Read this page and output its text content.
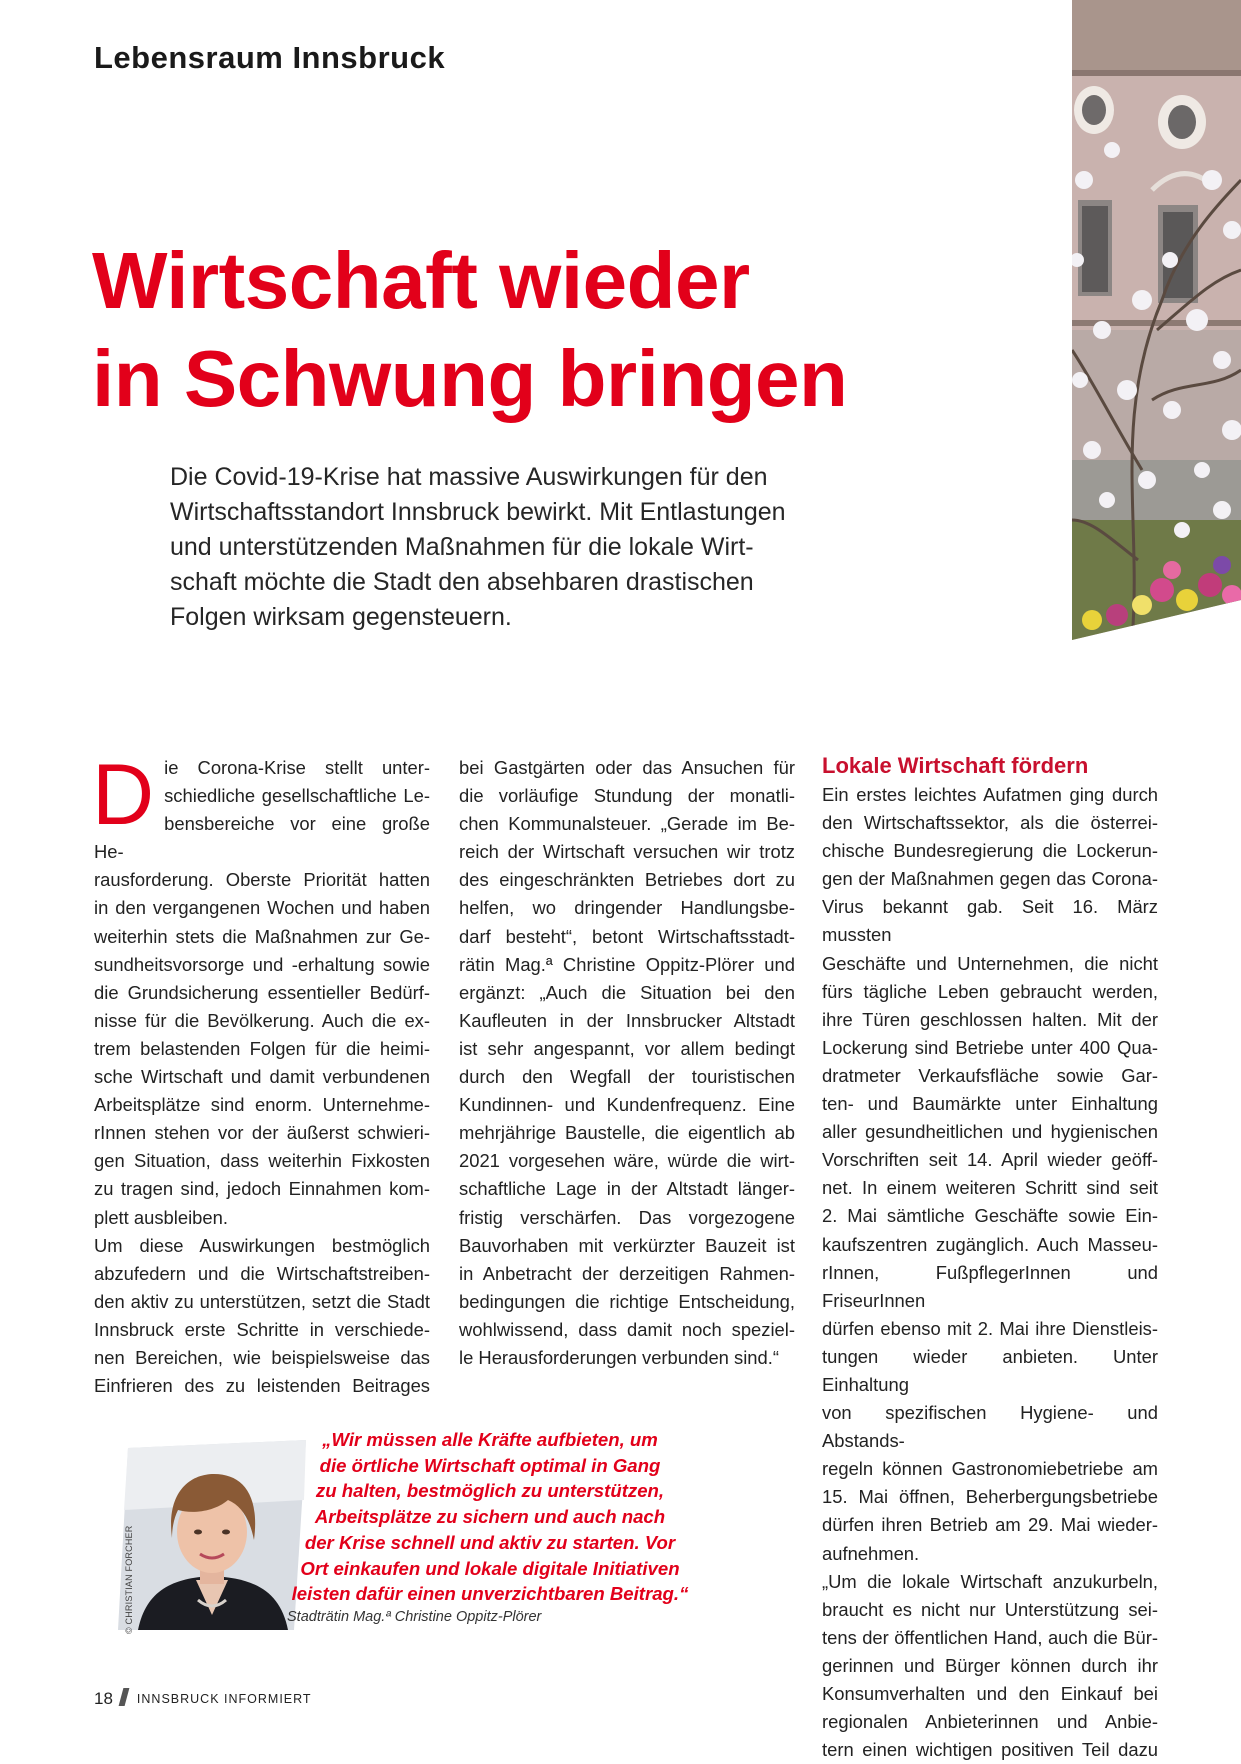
Lebensraum Innsbruck
Wirtschaft wieder
in Schwung bringen
Die Covid-19-Krise hat massive Auswirkungen für den
Wirtschaftsstandort Innsbruck bewirkt. Mit Entlastungen
und unterstützenden Maßnahmen für die lokale Wirt-
schaft möchte die Stadt den absehbaren drastischen
Folgen wirksam gegensteuern.
D ie Corona-Krise stellt unter-
schiedliche gesellschaftliche Le-
bensbereiche vor eine große He-
rausforderung. Oberste Priorität hatten
in den vergangenen Wochen und haben
weiterhin stets die Maßnahmen zur Ge-
sundheitsvorsorge und -erhaltung sowie
die Grundsicherung essentieller Bedürf-
nisse für die Bevölkerung. Auch die ex-
trem belastenden Folgen für die heimi-
sche Wirtschaft und damit verbundenen
Arbeitsplätze sind enorm. Unternehme-
rInnen stehen vor der äußerst schwieri-
gen Situation, dass weiterhin Fixkosten
zu tragen sind, jedoch Einnahmen kom-
plett ausbleiben.
Um diese Auswirkungen bestmöglich
abzufedern und die Wirtschaftstreiben-
den aktiv zu unterstützen, setzt die Stadt
Innsbruck erste Schritte in verschiede-
nen Bereichen, wie beispielsweise das
Einfrieren des zu leistenden Beitrages
bei Gastgärten oder das Ansuchen für
die vorläufige Stundung der monatli-
chen Kommunalsteuer. „Gerade im Be-
reich der Wirtschaft versuchen wir trotz
des eingeschränkten Betriebes dort zu
helfen, wo dringender Handlungsbe-
darf besteht“, betont Wirtschaftsstadt-
rätin Mag.ª Christine Oppitz-Plörer und
ergänzt: „Auch die Situation bei den
Kaufleuten in der Innsbrucker Altstadt
ist sehr angespannt, vor allem bedingt
durch den Wegfall der touristischen
Kundinnen- und Kundenfrequenz. Eine
mehrjährige Baustelle, die eigentlich ab
2021 vorgesehen wäre, würde die wirt-
schaftliche Lage in der Altstadt länger-
fristig verschärfen. Das vorgezogene
Bauvorhaben mit verkürzter Bauzeit ist
in Anbetracht der derzeitigen Rahmen-
bedingungen die richtige Entscheidung,
wohlwissend, dass damit noch speziel-
le Herausforderungen verbunden sind.“
Lokale Wirtschaft fördern
Ein erstes leichtes Aufatmen ging durch
den Wirtschaftssektor, als die österrei-
chische Bundesregierung die Lockerun-
gen der Maßnahmen gegen das Corona-
Virus bekannt gab. Seit 16. März mussten
Geschäfte und Unternehmen, die nicht
fürs tägliche Leben gebraucht werden,
ihre Türen geschlossen halten. Mit der
Lockerung sind Betriebe unter 400 Qua-
dratmeter Verkaufsfläche sowie Gar-
ten- und Baumärkte unter Einhaltung
aller gesundheitlichen und hygienischen
Vorschriften seit 14. April wieder geöff-
net. In einem weiteren Schritt sind seit
2. Mai sämtliche Geschäfte sowie Ein-
kaufszentren zugänglich. Auch Masseu-
rInnen, FußpflegerInnen und FriseurInnen
dürfen ebenso mit 2. Mai ihre Dienstleis-
tungen wieder anbieten. Unter Einhaltung
von spezifischen Hygiene- und Abstands-
regeln können Gastronomiebetriebe am
15. Mai öffnen, Beherbergungsbetriebe
dürfen ihren Betrieb am 29. Mai wieder-
aufnehmen.
„Um die lokale Wirtschaft anzukurbeln,
braucht es nicht nur Unterstützung sei-
tens der öffentlichen Hand, auch die Bür-
gerinnen und Bürger können durch ihr
Konsumverhalten und den Einkauf bei
regionalen Anbieterinnen und Anbie-
tern einen wichtigen positiven Teil dazu
© CHRISTIAN FORCHER
„Wir müssen alle Kräfte aufbieten, um
die örtliche Wirtschaft optimal in Gang
zu halten, bestmöglich zu unterstützen,
Arbeitsplätze zu sichern und auch nach
der Krise schnell und aktiv zu starten. Vor
Ort einkaufen und lokale digitale Initiativen
leisten dafür einen unverzichtbaren Beitrag.“
Stadträtin Mag.ª Christine Oppitz-Plörer
18 INNSBRUCK INFORMIERT
